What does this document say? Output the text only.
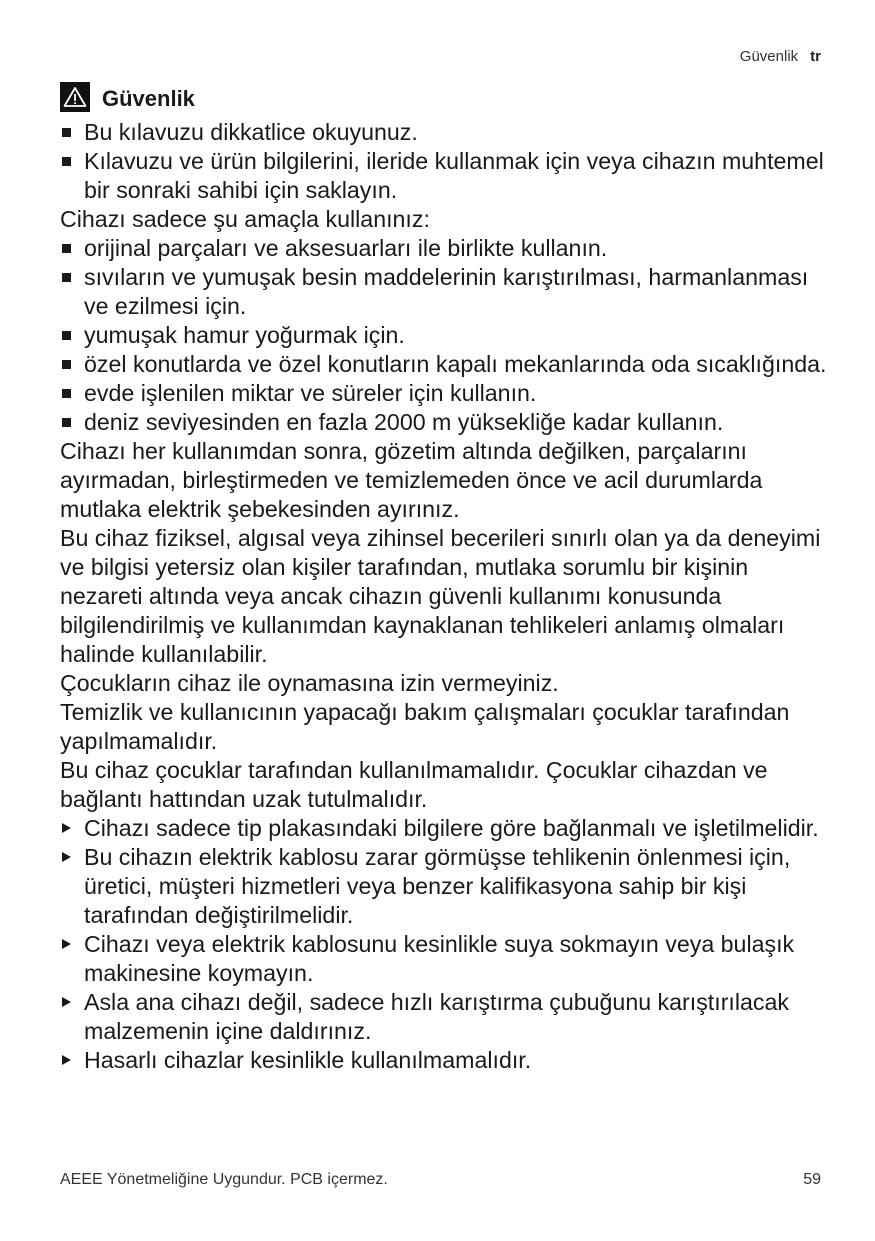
Güvenlik tr
Güvenlik
Bu kılavuzu dikkatlice okuyunuz.
Kılavuzu ve ürün bilgilerini, ileride kullanmak için veya cihazın muhtemel bir sonraki sahibi için saklayın.
Cihazı sadece şu amaçla kullanınız:
orijinal parçaları ve aksesuarları ile birlikte kullanın.
sıvıların ve yumuşak besin maddelerinin karıştırılması, harmanlanması ve ezilmesi için.
yumuşak hamur yoğurmak için.
özel konutlarda ve özel konutların kapalı mekanlarında oda sıcaklığında.
evde işlenilen miktar ve süreler için kullanın.
deniz seviyesinden en fazla 2000 m yüksekliğe kadar kullanın.
Cihazı her kullanımdan sonra, gözetim altında değilken, parçalarını ayırmadan, birleştirmeden ve temizlemeden önce ve acil durumlarda mutlaka elektrik şebekesinden ayırınız.
Bu cihaz fiziksel, algısal veya zihinsel becerileri sınırlı olan ya da deneyimi ve bilgisi yetersiz olan kişiler tarafından, mutlaka sorumlu bir kişinin nezareti altında veya ancak cihazın güvenli kullanımı konusunda bilgilendirilmiş ve kullanımdan kaynaklanan tehlikeleri anlamış olmaları halinde kullanılabilir.
Çocukların cihaz ile oynamasına izin vermeyiniz.
Temizlik ve kullanıcının yapacağı bakım çalışmaları çocuklar tarafından yapılmamalıdır.
Bu cihaz çocuklar tarafından kullanılmamalıdır. Çocuklar cihazdan ve bağlantı hattından uzak tutulmalıdır.
Cihazı sadece tip plakasındaki bilgilere göre bağlanmalı ve işletilmelidir.
Bu cihazın elektrik kablosu zarar görmüşse tehlikenin önlenmesi için, üretici, müşteri hizmetleri veya benzer kalifikasyona sahip bir kişi tarafından değiştirilmelidir.
Cihazı veya elektrik kablosunu kesinlikle suya sokmayın veya bulaşık makinesine koymayın.
Asla ana cihazı değil, sadece hızlı karıştırma çubuğunu karıştırılacak malzemenin içine daldırınız.
Hasarlı cihazlar kesinlikle kullanılmamalıdır.
AEEE Yönetmeliğine Uygundur. PCB içermez.	59
